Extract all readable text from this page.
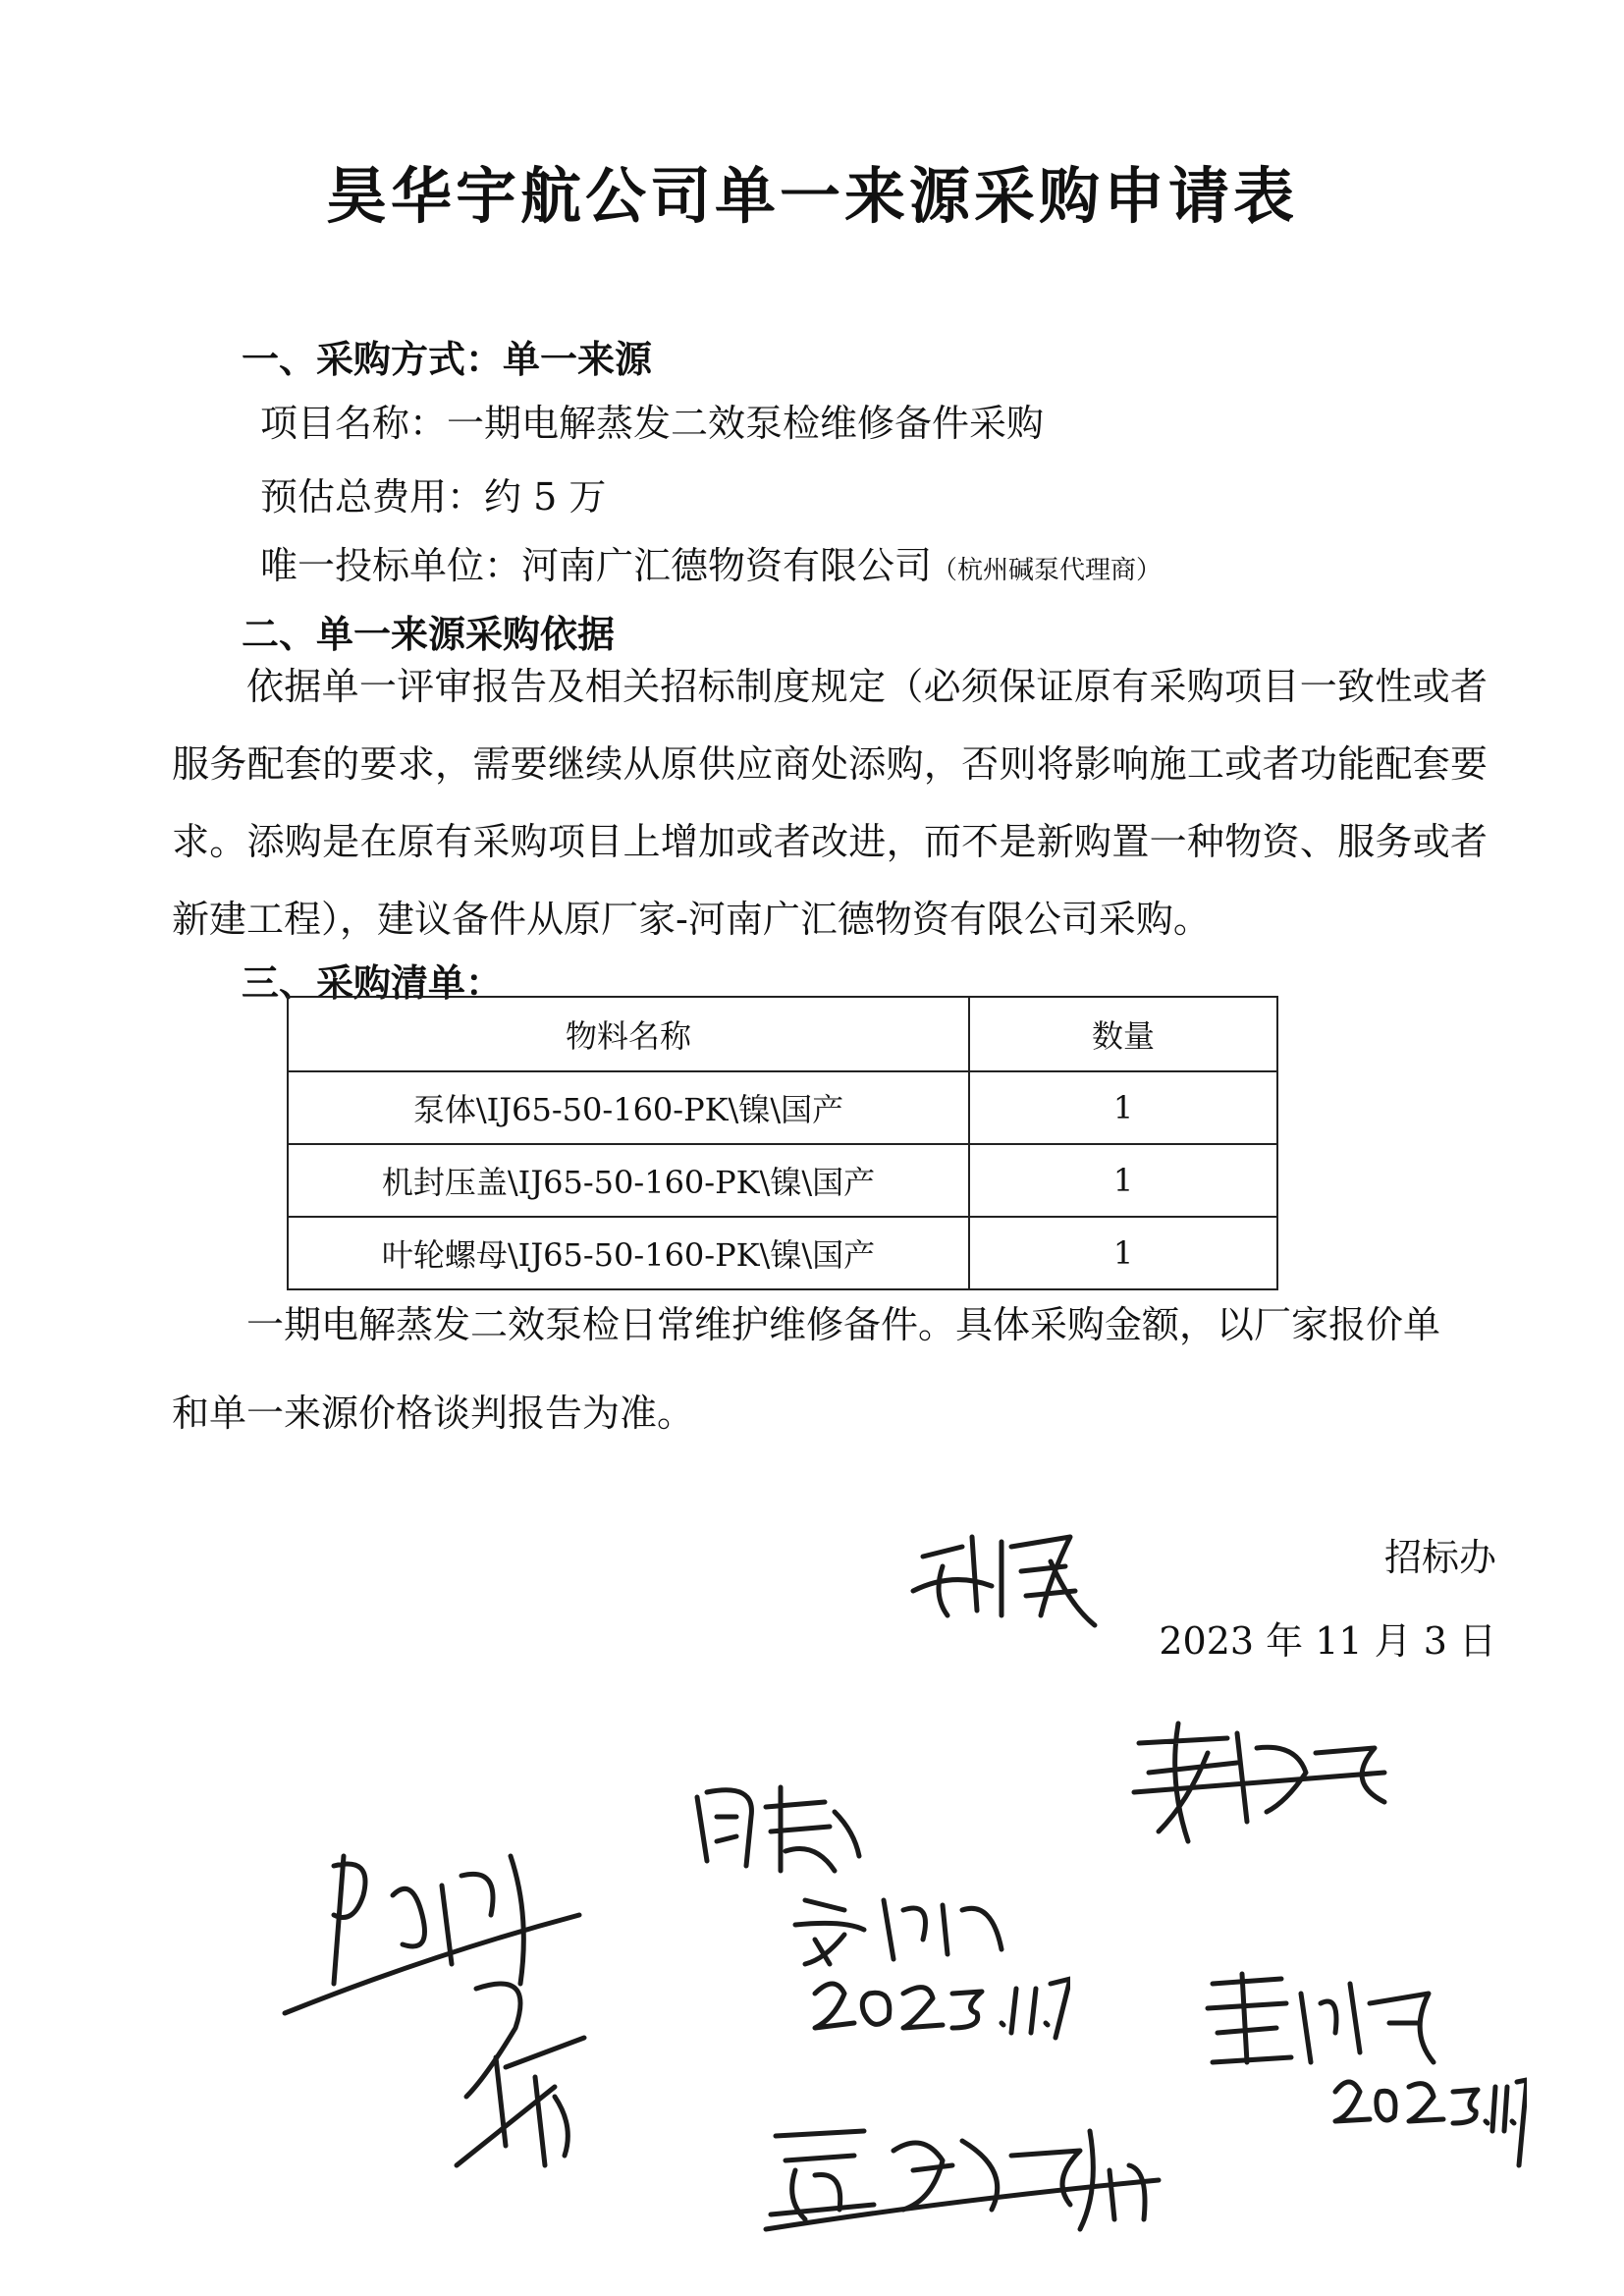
昊华宇航公司单一来源采购申请表
一、采购方式：单一来源
项目名称：一期电解蒸发二效泵检维修备件采购
预估总费用：约 5 万
唯一投标单位：河南广汇德物资有限公司（杭州碱泵代理商）
二、单一来源采购依据
依据单一评审报告及相关招标制度规定（必须保证原有采购项目一致性或者服务配套的要求，需要继续从原供应商处添购，否则将影响施工或者功能配套要求。添购是在原有采购项目上增加或者改进，而不是新购置一种物资、服务或者新建工程），建议备件从原厂家-河南广汇德物资有限公司采购。
三、采购清单：
物料名称	数量
泵体\IJ65-50-160-PK\镍\国产	1
机封压盖\IJ65-50-160-PK\镍\国产	1
叶轮螺母\IJ65-50-160-PK\镍\国产	1
一期电解蒸发二效泵检日常维护维修备件。具体采购金额，以厂家报价单
和单一来源价格谈判报告为准。
招标办
2023 年 11 月 3 日
